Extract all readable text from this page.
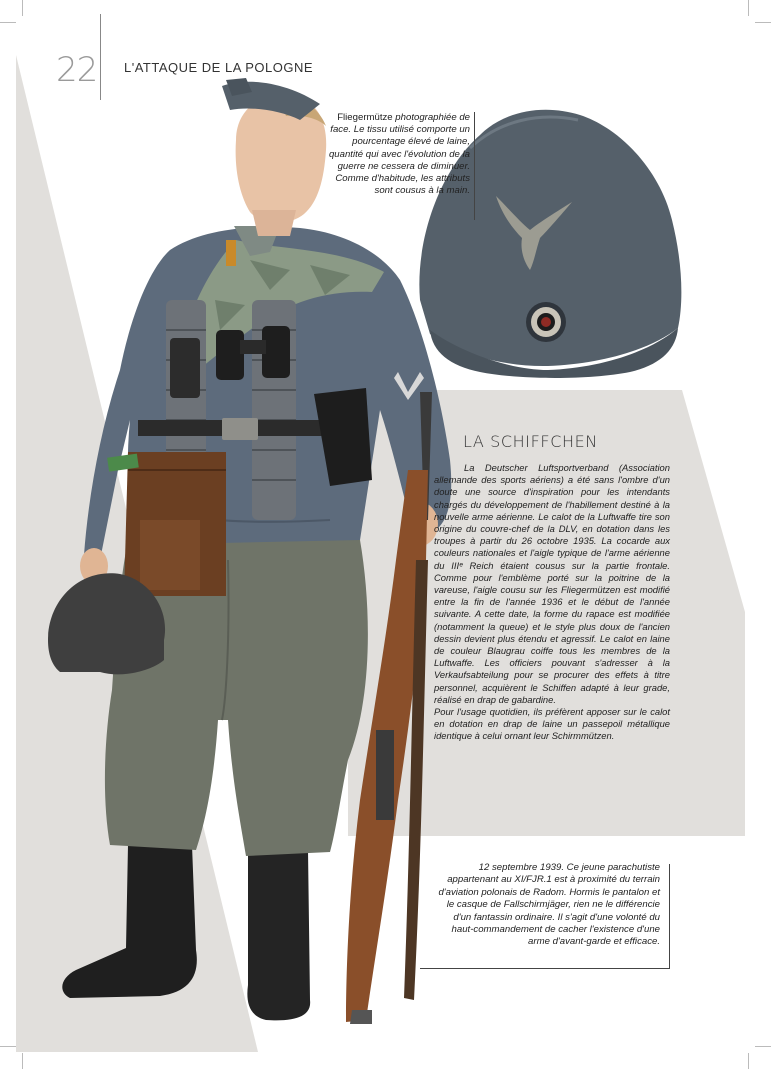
22 L'ATTAQUE DE LA POLOGNE
Fliegermütze photographiée de face. Le tissu utilisé comporte un pourcentage élevé de laine, quantité qui avec l'évolution de la guerre ne cessera de diminuer. Comme d'habitude, les attributs sont cousus à la main.
LA SCHIFFCHEN

La Deutscher Luftsportverband (Association allemande des sports aériens) a été sans l'ombre d'un doute une source d'inspiration pour les intendants chargés du développement de l'habillement destiné à la nouvelle arme aérienne. Le calot de la Luftwaffe tire son origine du couvre-chef de la DLV, en dotation dans les troupes à partir du 26 octobre 1935. La cocarde aux couleurs nationales et l'aigle typique de l'arme aérienne du IIIᵉ Reich étaient cousus sur la partie frontale. Comme pour l'emblème porté sur la poitrine de la vareuse, l'aigle cousu sur les Fliegermützen est modifié entre la fin de l'année 1936 et le début de l'année suivante. A cette date, la forme du rapace est modifiée (notamment la queue) et le style plus doux de l'ancien dessin devient plus étendu et agressif. Le calot en laine de couleur Blaugrau coiffe tous les membres de la Luftwaffe. Les officiers pouvant s'adresser à la Verkaufsabteilung pour se procurer des effets à titre personnel, acquièrent le Schiffen adapté à leur grade, réalisé en drap de gabardine.

Pour l'usage quotidien, ils préfèrent apposer sur le calot en dotation en drap de laine un passepoil métallique identique à celui ornant leur Schirmmützen.

12 septembre 1939. Ce jeune parachutiste appartenant au XI/FJR.1 est à proximité du terrain d'aviation polonais de Radom. Hormis le pantalon et le casque de Fallschirmjäger, rien ne le différencie d'un fantassin ordinaire. Il s'agit d'une volonté du haut-commandement de cacher l'existence d'une arme d'avant-garde et efficace.
